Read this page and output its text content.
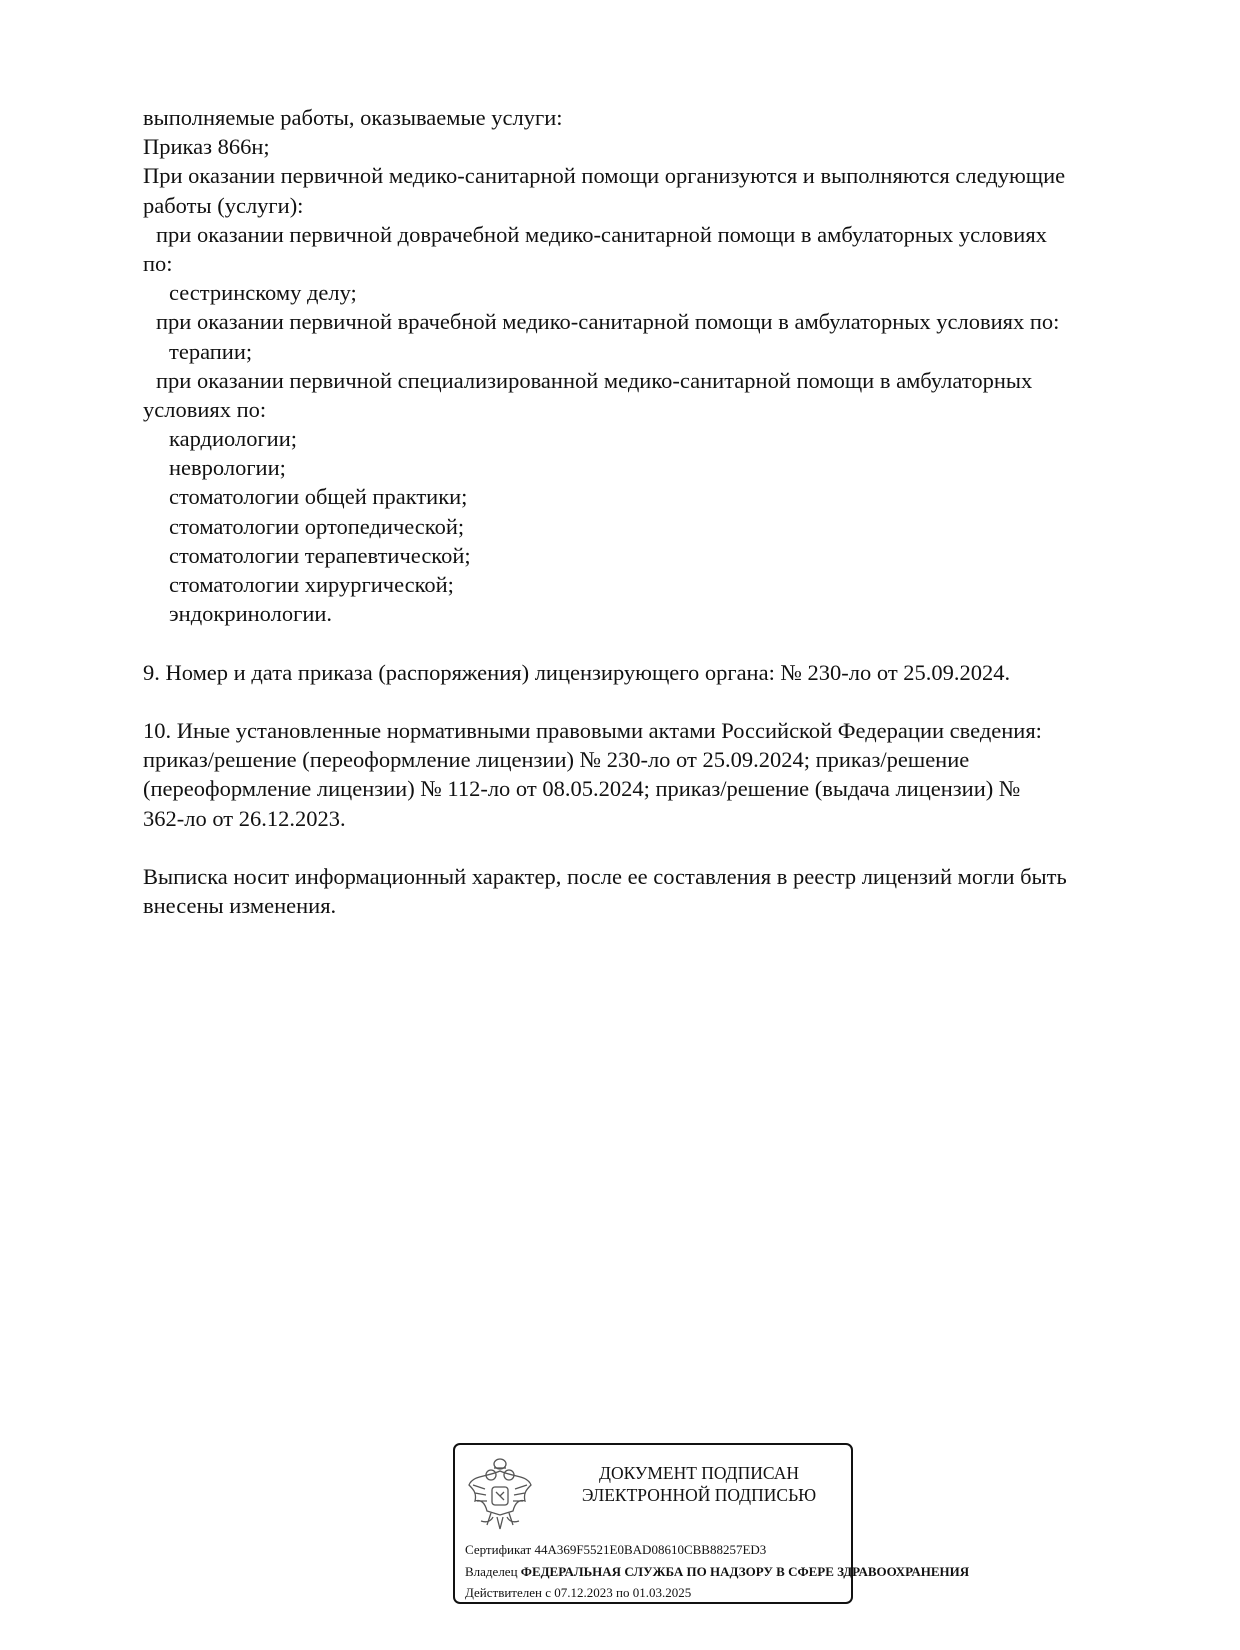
выполняемые работы, оказываемые услуги:
Приказ 866н;
При оказании первичной медико-санитарной помощи организуются и выполняются следующие
работы (услуги):
при оказании первичной доврачебной медико-санитарной помощи в амбулаторных условиях
по:
сестринскому делу;
при оказании первичной врачебной медико-санитарной помощи в амбулаторных условиях по:
терапии;
при оказании первичной специализированной медико-санитарной помощи в амбулаторных
условиях по:
кардиологии;
неврологии;
стоматологии общей практики;
стоматологии ортопедической;
стоматологии терапевтической;
стоматологии хирургической;
эндокринологии.
9. Номер и дата приказа (распоряжения) лицензирующего органа: № 230-ло от 25.09.2024.
10. Иные установленные нормативными правовыми актами Российской Федерации сведения:
приказ/решение (переоформление лицензии) № 230-ло от 25.09.2024; приказ/решение
(переоформление лицензии) № 112-ло от 08.05.2024; приказ/решение (выдача лицензии) №
362-ло от 26.12.2023.
Выписка носит информационный характер, после ее составления в реестр лицензий могли быть
внесены изменения.
ДОКУМЕНТ ПОДПИСАН
ЭЛЕКТРОННОЙ ПОДПИСЬЮ
Сертификат 44A369F5521E0BAD08610CBB88257ED3
Владелец ФЕДЕРАЛЬНАЯ СЛУЖБА ПО НАДЗОРУ В СФЕРЕ ЗДРАВООХРАНЕНИЯ
Действителен с 07.12.2023 по 01.03.2025
